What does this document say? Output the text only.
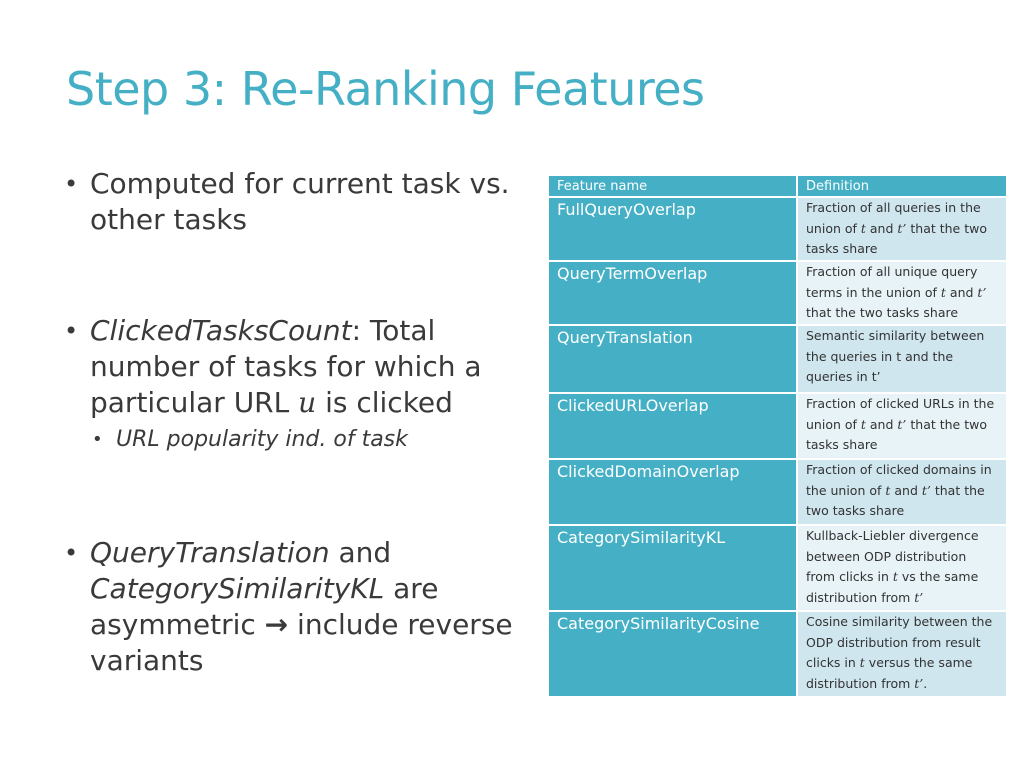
Step 3: Re-Ranking Features
• Computed for current task vs. other tasks
• ClickedTasksCount: Total number of tasks for which a particular URL u is clicked
• URL popularity ind. of task
• QueryTranslation and CategorySimilarityKL are asymmetric → include reverse variants
Feature name	Definition
FullQueryOverlap	Fraction of all queries in the union of t and t’ that the two tasks share
QueryTermOverlap	Fraction of all unique query terms in the union of t and t’ that the two tasks share
QueryTranslation	Semantic similarity between the queries in t and the queries in t’
ClickedURLOverlap	Fraction of clicked URLs in the union of t and t’ that the two tasks share
ClickedDomainOverlap	Fraction of clicked domains in the union of t and t’ that the two tasks share
CategorySimilarityKL	Kullback-Liebler divergence between ODP distribution from clicks in t vs the same distribution from t’
CategorySimilarityCosine	Cosine similarity between the ODP distribution from result clicks in t versus the same distribution from t’.
